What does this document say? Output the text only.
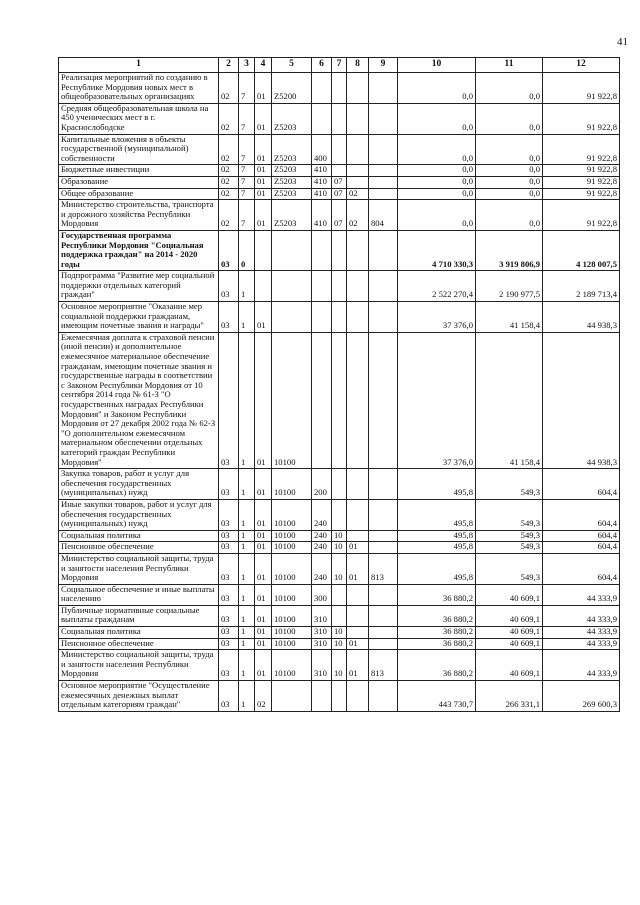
41
1	2	3	4	5	6	7	8	9	10	11	12
Реализация мероприятий по созданию в Республике Мордовия новых мест в общеобразовательных организациях	02	7	01	Z5200					0,0	0,0	91 922,8
Средняя общеобразовательная школа на 450 ученических мест в г. Краснослободске	02	7	01	Z5203					0,0	0,0	91 922,8
Капитальные вложения в объекты государственной (муниципальной) собственности	02	7	01	Z5203	400				0,0	0,0	91 922,8
Бюджетные инвестиции	02	7	01	Z5203	410				0,0	0,0	91 922,8
Образование	02	7	01	Z5203	410	07			0,0	0,0	91 922,8
Общее образование	02	7	01	Z5203	410	07	02		0,0	0,0	91 922,8
Министерство строительства, транспорта и дорожного хозяйства Республики Мордовия	02	7	01	Z5203	410	07	02	804	0,0	0,0	91 922,8
Государственная программа Республики Мордовия "Социальная поддержка граждан" на 2014 - 2020 годы	03	0							4 710 330,3	3 919 806,9	4 128 007,5
Подпрограмма "Развитие мер социальной поддержки отдельных категорий граждан"	03	1							2 522 270,4	2 190 977,5	2 189 713,4
Основное мероприятие "Оказание мер социальной поддержки гражданам, имеющим почетные звания и награды"	03	1	01						37 376,0	41 158,4	44 938,3
Ежемесячная доплата к страховой пенсии (иной пенсии) и дополнительное ежемесячное материальное обеспечение гражданам, имеющим почетные звания и государственные награды в соответствии с Законом Республики Мордовия от 10 сентября 2014 года № 61-З "О государственных наградах Республики Мордовия" и Законом Республики Мордовия от 27 декабря 2002 года № 62-З "О дополнительном ежемесячном материальном обеспечении отдельных категорий граждан Республики Мордовия"	03	1	01	10100					37 376,0	41 158,4	44 938,3
Закупка товаров, работ и услуг для обеспечения государственных (муниципальных) нужд	03	1	01	10100	200				495,8	549,3	604,4
Иные закупки товаров, работ и услуг для обеспечения государственных (муниципальных) нужд	03	1	01	10100	240				495,8	549,3	604,4
Социальная политика	03	1	01	10100	240	10			495,8	549,3	604,4
Пенсионное обеспечение	03	1	01	10100	240	10	01		495,8	549,3	604,4
Министерство социальной защиты, труда и занятости населения Республики Мордовия	03	1	01	10100	240	10	01	813	495,8	549,3	604,4
Социальное обеспечение и иные выплаты населению	03	1	01	10100	300				36 880,2	40 609,1	44 333,9
Публичные нормативные социальные выплаты гражданам	03	1	01	10100	310				36 880,2	40 609,1	44 333,9
Социальная политика	03	1	01	10100	310	10			36 880,2	40 609,1	44 333,9
Пенсионное обеспечение	03	1	01	10100	310	10	01		36 880,2	40 609,1	44 333,9
Министерство социальной защиты, труда и занятости населения Республики Мордовия	03	1	01	10100	310	10	01	813	36 880,2	40 609,1	44 333,9
Основное мероприятие "Осуществление ежемесячных денежных выплат отдельным категориям граждан"	03	1	02						443 730,7	266 331,1	269 600,3
